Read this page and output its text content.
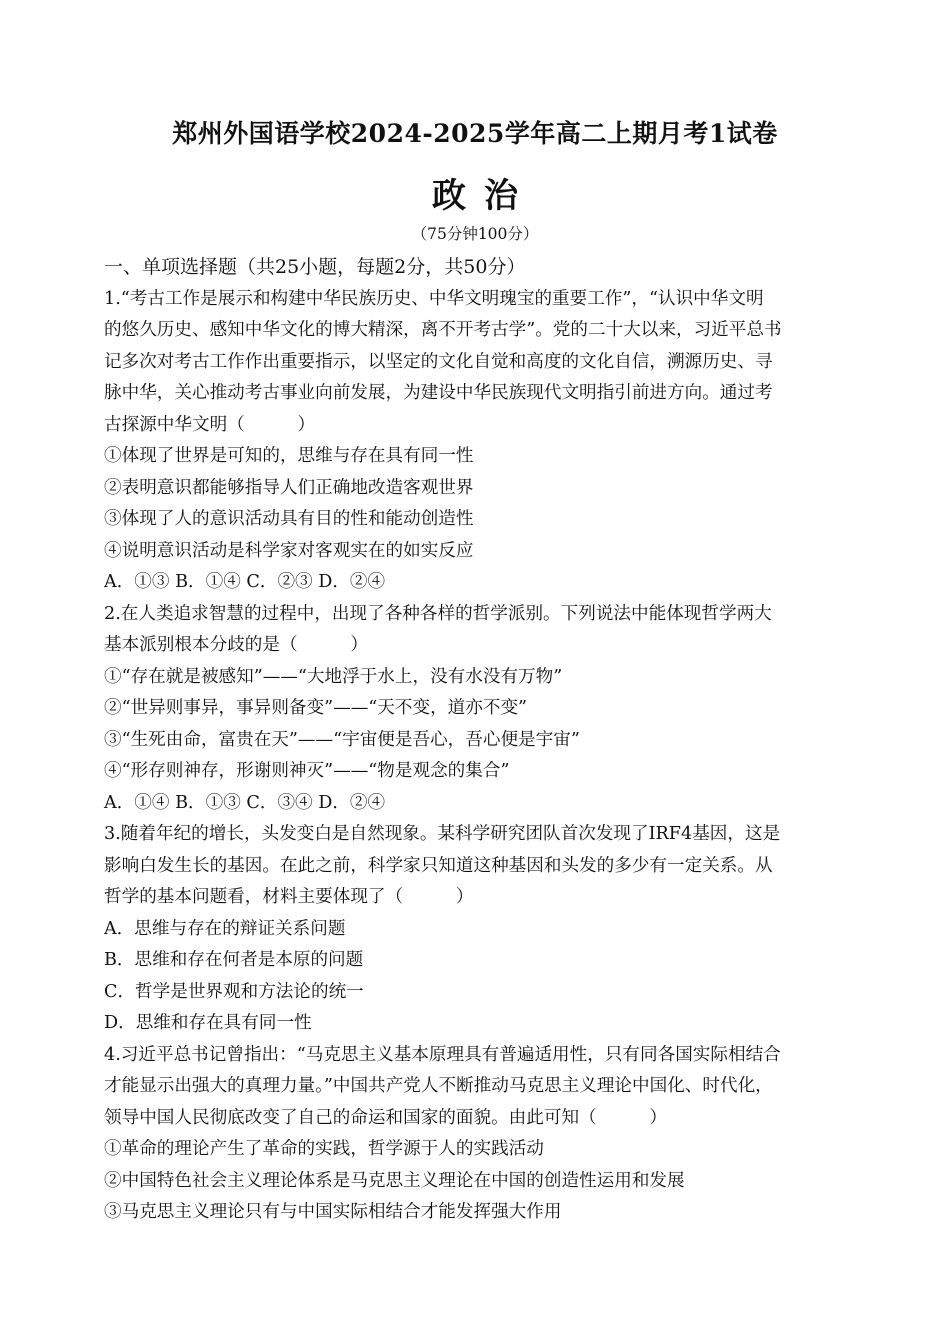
郑州外国语学校2024-2025学年高二上期月考1试卷
政 治
（75分钟100分）
一、单项选择题（共25小题，每题2分，共50分）
1.“考古工作是展示和构建中华民族历史、中华文明瑰宝的重要工作”，“认识中华文明
的悠久历史、感知中华文化的博大精深，离不开考古学”。党的二十大以来，习近平总书
记多次对考古工作作出重要指示，以坚定的文化自觉和高度的文化自信，溯源历史、寻
脉中华，关心推动考古事业向前发展，为建设中华民族现代文明指引前进方向。通过考
古探源中华文明（　　　）
①体现了世界是可知的，思维与存在具有同一性
②表明意识都能够指导人们正确地改造客观世界
③体现了人的意识活动具有目的性和能动创造性
④说明意识活动是科学家对客观实在的如实反应
A．①③ B．①④ C．②③ D．②④
2.在人类追求智慧的过程中，出现了各种各样的哲学派别。下列说法中能体现哲学两大
基本派别根本分歧的是（　　　）
①“存在就是被感知”——“大地浮于水上，没有水没有万物”
②“世异则事异，事异则备变”——“天不变，道亦不变”
③“生死由命，富贵在天”——“宇宙便是吾心，吾心便是宇宙”
④“形存则神存，形谢则神灭”——“物是观念的集合”
A．①④ B．①③ C．③④ D．②④
3.随着年纪的增长，头发变白是自然现象。某科学研究团队首次发现了IRF4基因，这是
影响白发生长的基因。在此之前，科学家只知道这种基因和头发的多少有一定关系。从
哲学的基本问题看，材料主要体现了（　　　）
A．思维与存在的辩证关系问题
B．思维和存在何者是本原的问题
C．哲学是世界观和方法论的统一
D．思维和存在具有同一性
4.习近平总书记曾指出：“马克思主义基本原理具有普遍适用性，只有同各国实际相结合
才能显示出强大的真理力量。”中国共产党人不断推动马克思主义理论中国化、时代化，
领导中国人民彻底改变了自己的命运和国家的面貌。由此可知（　　　）
①革命的理论产生了革命的实践，哲学源于人的实践活动
②中国特色社会主义理论体系是马克思主义理论在中国的创造性运用和发展
③马克思主义理论只有与中国实际相结合才能发挥强大作用
